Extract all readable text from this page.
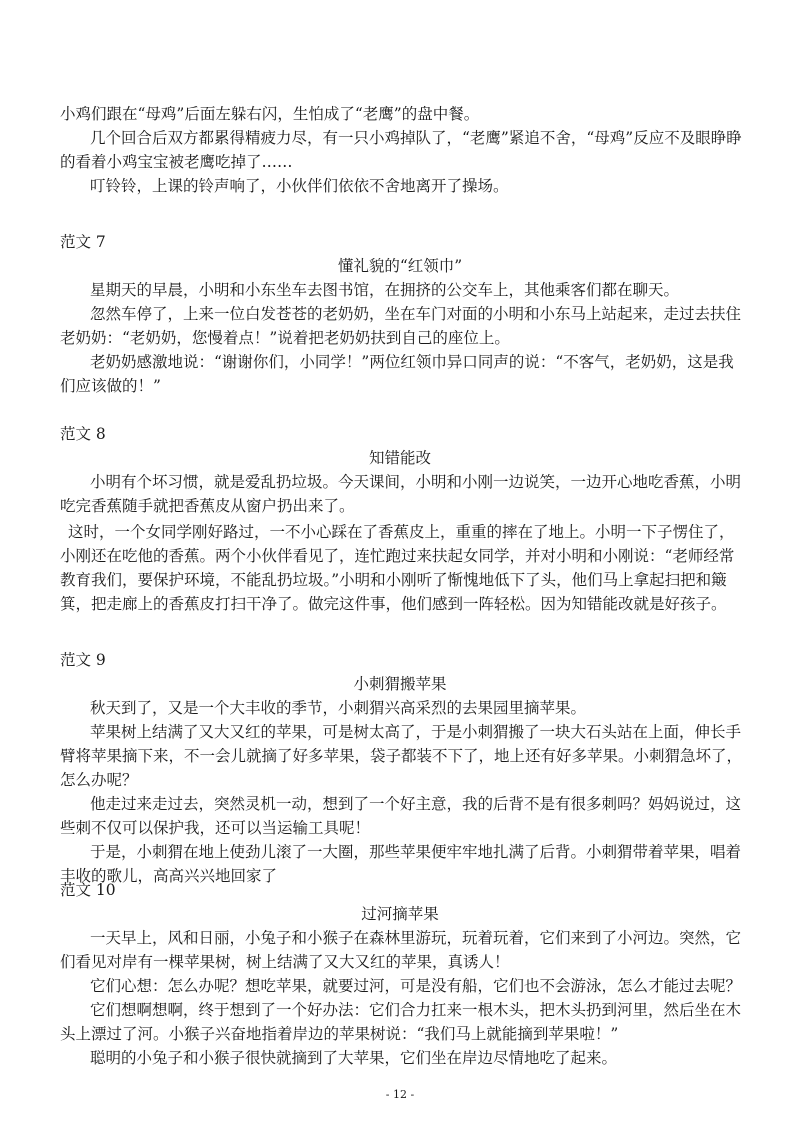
小鸡们跟在“母鸡”后面左躲右闪，生怕成了“老鹰”的盘中餐。

几个回合后双方都累得精疲力尽，有一只小鸡掉队了，“老鹰”紧追不舍，“母鸡”反应不及眼睁睁的看着小鸡宝宝被老鹰吃掉了……

叮铃铃，上课的铃声响了，小伙伴们依依不舍地离开了操场。

范文 7

懂礼貌的“红领巾”

星期天的早晨，小明和小东坐车去图书馆，在拥挤的公交车上，其他乘客们都在聊天。

忽然车停了，上来一位白发苍苍的老奶奶，坐在车门对面的小明和小东马上站起来，走过去扶住老奶奶：“老奶奶，您慢着点！”说着把老奶奶扶到自己的座位上。

老奶奶感激地说：“谢谢你们，小同学！”两位红领巾异口同声的说：“不客气，老奶奶，这是我们应该做的！”

范文 8

知错能改

小明有个坏习惯，就是爱乱扔垃圾。今天课间，小明和小刚一边说笑，一边开心地吃香蕉，小明吃完香蕉随手就把香蕉皮从窗户扔出来了。

这时，一个女同学刚好路过，一不小心踩在了香蕉皮上，重重的摔在了地上。小明一下子愣住了，小刚还在吃他的香蕉。两个小伙伴看见了，连忙跑过来扶起女同学，并对小明和小刚说：“老师经常教育我们，要保护环境，不能乱扔垃圾。”小明和小刚听了惭愧地低下了头，他们马上拿起扫把和簸箕，把走廊上的香蕉皮打扫干净了。做完这件事，他们感到一阵轻松。因为知错能改就是好孩子。

范文 9

小刺猬搬苹果

秋天到了，又是一个大丰收的季节，小刺猬兴高采烈的去果园里摘苹果。

苹果树上结满了又大又红的苹果，可是树太高了，于是小刺猬搬了一块大石头站在上面，伸长手臂将苹果摘下来，不一会儿就摘了好多苹果，袋子都装不下了，地上还有好多苹果。小刺猬急坏了，怎么办呢？

他走过来走过去，突然灵机一动，想到了一个好主意，我的后背不是有很多刺吗？妈妈说过，这些刺不仅可以保护我，还可以当运输工具呢！

于是，小刺猬在地上使劲儿滚了一大圈，那些苹果便牢牢地扎满了后背。小刺猬带着苹果，唱着丰收的歌儿，高高兴兴地回家了

范文 10

过河摘苹果

一天早上，风和日丽，小兔子和小猴子在森林里游玩，玩着玩着，它们来到了小河边。突然，它们看见对岸有一棵苹果树，树上结满了又大又红的苹果，真诱人！

它们心想：怎么办呢？想吃苹果，就要过河，可是没有船，它们也不会游泳，怎么才能过去呢？

它们想啊想啊，终于想到了一个好办法：它们合力扛来一根木头，把木头扔到河里，然后坐在木头上漂过了河。小猴子兴奋地指着岸边的苹果树说：“我们马上就能摘到苹果啦！”

聪明的小兔子和小猴子很快就摘到了大苹果，它们坐在岸边尽情地吃了起来。

- 12 -
